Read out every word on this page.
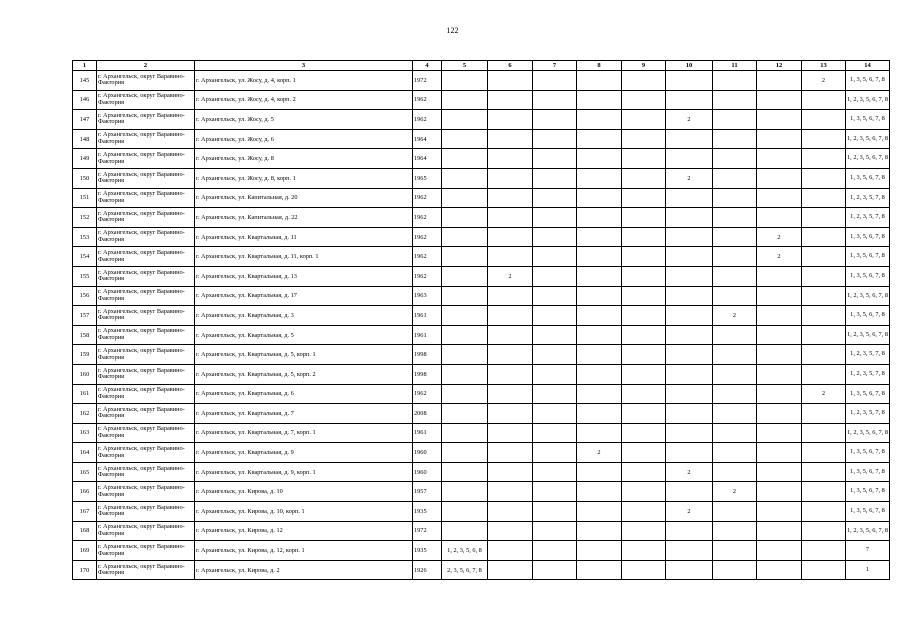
122
1	2	3	4	5	6	7	8	9	10	11	12	13	14
145	г. Архангельск, округ Варавино-Фактория	г. Архангельск, ул. Жосу, д. 4, корп. 1	1972									2	1, 3, 5, 6, 7, 8
146	г. Архангельск, округ Варавино-Фактория	г. Архангельск, ул. Жосу, д. 4, корп. 2	1962										1, 2, 3, 5, 6, 7, 8
147	г. Архангельск, округ Варавино-Фактория	г. Архангельск, ул. Жосу, д. 5	1962						2				1, 3, 5, 6, 7, 8
148	г. Архангельск, округ Варавино-Фактория	г. Архангельск, ул. Жосу, д. 6	1964										1, 2, 3, 5, 6, 7, 8
149	г. Архангельск, округ Варавино-Фактория	г. Архангельск, ул. Жосу, д. 8	1964										1, 2, 3, 5, 6, 7, 8
150	г. Архангельск, округ Варавино-Фактория	г. Архангельск, ул. Жосу, д. 8, корп. 1	1965						2				1, 3, 5, 6, 7, 8
151	г. Архангельск, округ Варавино-Фактория	г. Архангельск, ул. Капитальная, д. 20	1962										1, 2, 3, 5, 7, 8
152	г. Архангельск, округ Варавино-Фактория	г. Архангельск, ул. Капитальная, д. 22	1962										1, 2, 3, 5, 7, 8
153	г. Архангельск, округ Варавино-Фактория	г. Архангельск, ул. Квартальная, д. 11	1962								2		1, 3, 5, 6, 7, 8
154	г. Архангельск, округ Варавино-Фактория	г. Архангельск, ул. Квартальная, д. 11, корп. 1	1962								2		1, 3, 5, 6, 7, 8
155	г. Архангельск, округ Варавино-Фактория	г. Архангельск, ул. Квартальная, д. 13	1962		2								1, 3, 5, 6, 7, 8
156	г. Архангельск, округ Варавино-Фактория	г. Архангельск, ул. Квартальная, д. 17	1963										1, 2, 3, 5, 6, 7, 8
157	г. Архангельск, округ Варавино-Фактория	г. Архангельск, ул. Квартальная, д. 3	1961							2			1, 3, 5, 6, 7, 8
158	г. Архангельск, округ Варавино-Фактория	г. Архангельск, ул. Квартальная, д. 5	1961										1, 2, 3, 5, 6, 7, 8
159	г. Архангельск, округ Варавино-Фактория	г. Архангельск, ул. Квартальная, д. 5, корп. 1	1998										1, 2, 3, 5, 7, 8
160	г. Архангельск, округ Варавино-Фактория	г. Архангельск, ул. Квартальная, д. 5, корп. 2	1998										1, 2, 3, 5, 7, 8
161	г. Архангельск, округ Варавино-Фактория	г. Архангельск, ул. Квартальная, д. 6	1962									2	1, 3, 5, 6, 7, 8
162	г. Архангельск, округ Варавино-Фактория	г. Архангельск, ул. Квартальная, д. 7	2008										1, 2, 3, 5, 7, 8
163	г. Архангельск, округ Варавино-Фактория	г. Архангельск, ул. Квартальная, д. 7, корп. 1	1961										1, 2, 3, 5, 6, 7, 8
164	г. Архангельск, округ Варавино-Фактория	г. Архангельск, ул. Квартальная, д. 9	1960				2						1, 3, 5, 6, 7, 8
165	г. Архангельск, округ Варавино-Фактория	г. Архангельск, ул. Квартальная, д. 9, корп. 1	1960						2				1, 3, 5, 6, 7, 8
166	г. Архангельск, округ Варавино-Фактория	г. Архангельск, ул. Кирова, д. 10	1957							2			1, 3, 5, 6, 7, 8
167	г. Архангельск, округ Варавино-Фактория	г. Архангельск, ул. Кирова, д. 10, корп. 1	1935						2				1, 3, 5, 6, 7, 8
168	г. Архангельск, округ Варавино-Фактория	г. Архангельск, ул. Кирова, д. 12	1972										1, 2, 3, 5, 6, 7, 8
169	г. Архангельск, округ Варавино-Фактория	г. Архангельск, ул. Кирова, д. 12, корп. 1	1935	1, 2, 3, 5, 6, 8									7
170	г. Архангельск, округ Варавино-Фактория	г. Архангельск, ул. Кирова, д. 2	1926	2, 3, 5, 6, 7, 8									1
